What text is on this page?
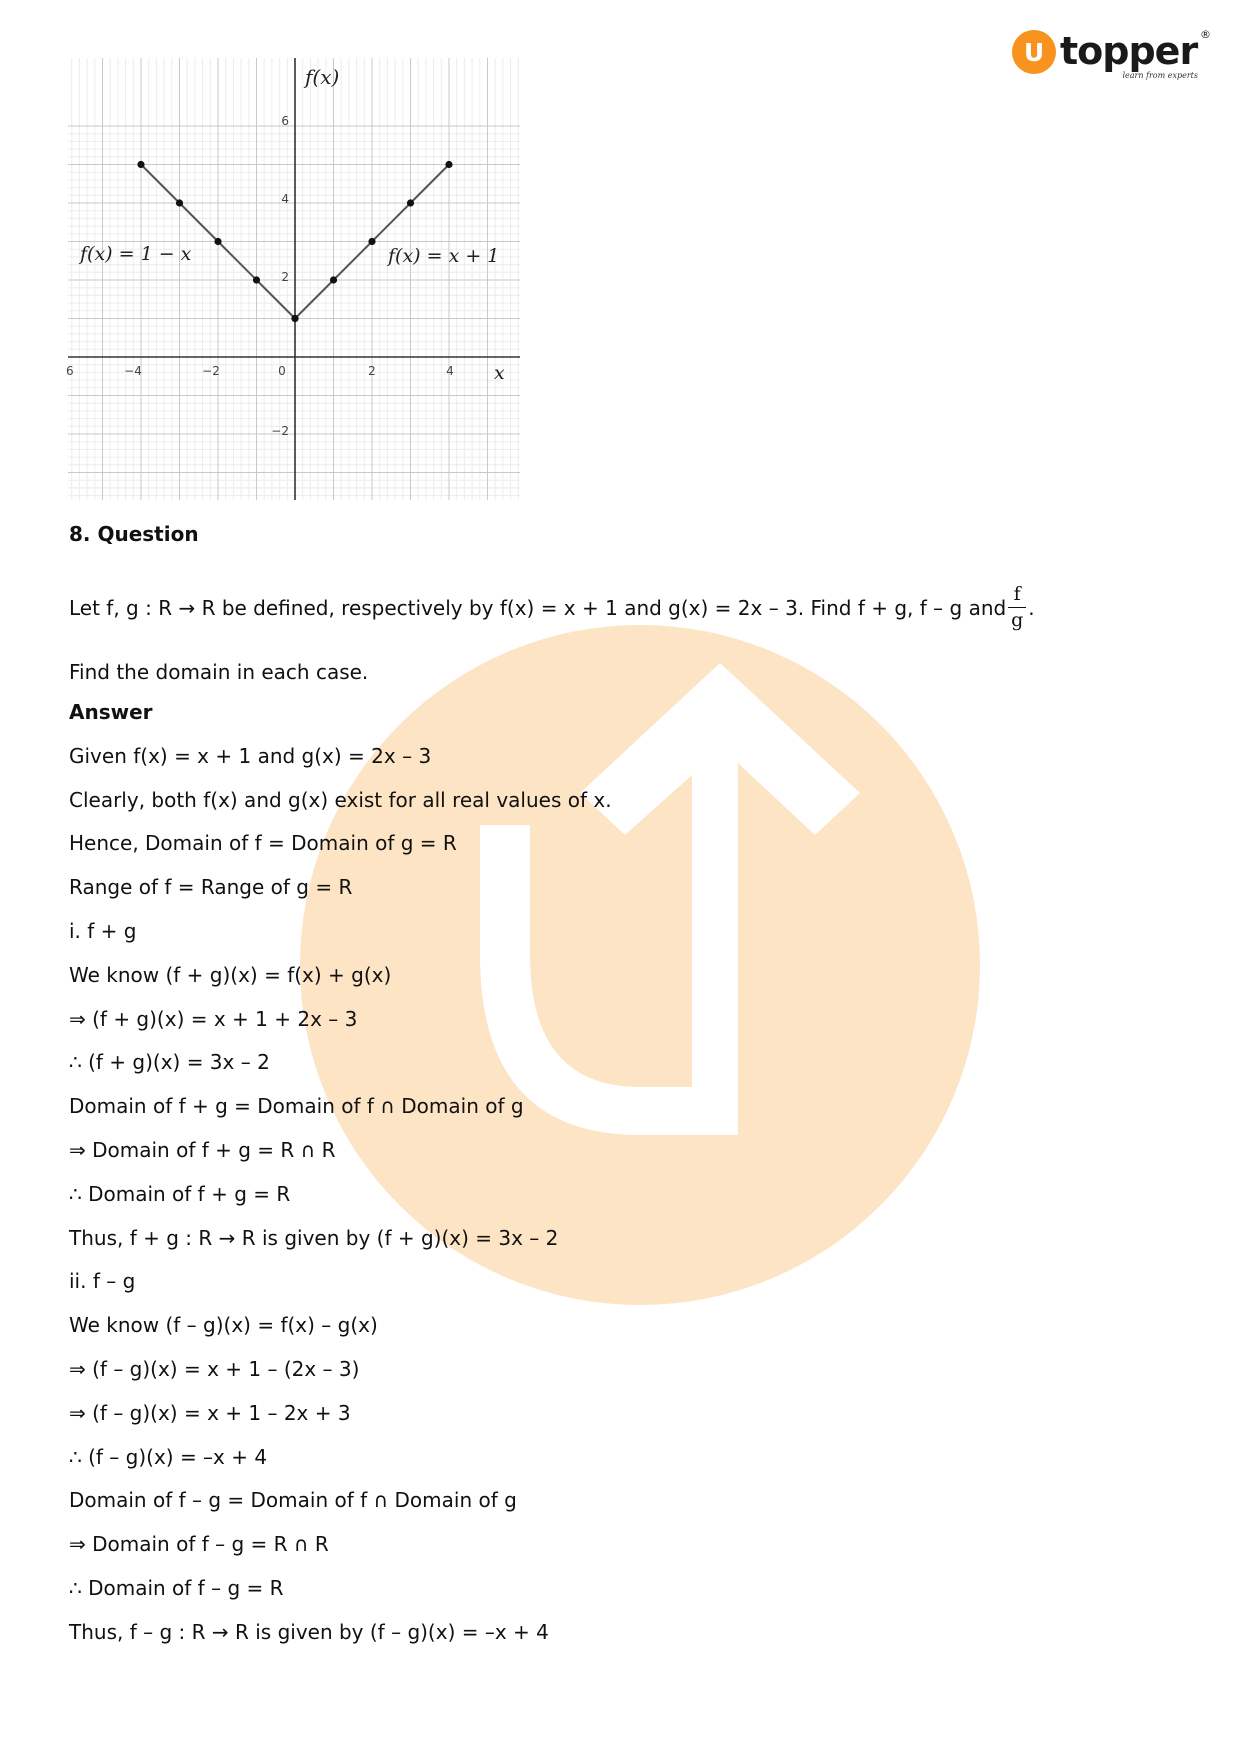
U topper ®
learn from experts
f(x)
x
6
4
2
−2
6	−4	−2	0	2	4
f(x) = 1 − x	f(x) = x + 1
8. Question
Let f, g : R → R be defined, respectively by f(x) = x + 1 and g(x) = 2x – 3. Find f + g, f – g and $\frac{f}{g}$ .
Find the domain in each case.
Answer
Given f(x) = x + 1 and g(x) = 2x – 3
Clearly, both f(x) and g(x) exist for all real values of x.
Hence, Domain of f = Domain of g = R
Range of f = Range of g = R
i. f + g
We know (f + g)(x) = f(x) + g(x)
⇒ (f + g)(x) = x + 1 + 2x – 3
∴ (f + g)(x) = 3x – 2
Domain of f + g = Domain of f ∩ Domain of g
⇒ Domain of f + g = R ∩ R
∴ Domain of f + g = R
Thus, f + g : R → R is given by (f + g)(x) = 3x – 2
ii. f – g
We know (f – g)(x) = f(x) – g(x)
⇒ (f – g)(x) = x + 1 – (2x – 3)
⇒ (f – g)(x) = x + 1 – 2x + 3
∴ (f – g)(x) = –x + 4
Domain of f – g = Domain of f ∩ Domain of g
⇒ Domain of f – g = R ∩ R
∴ Domain of f – g = R
Thus, f – g : R → R is given by (f – g)(x) = –x + 4
